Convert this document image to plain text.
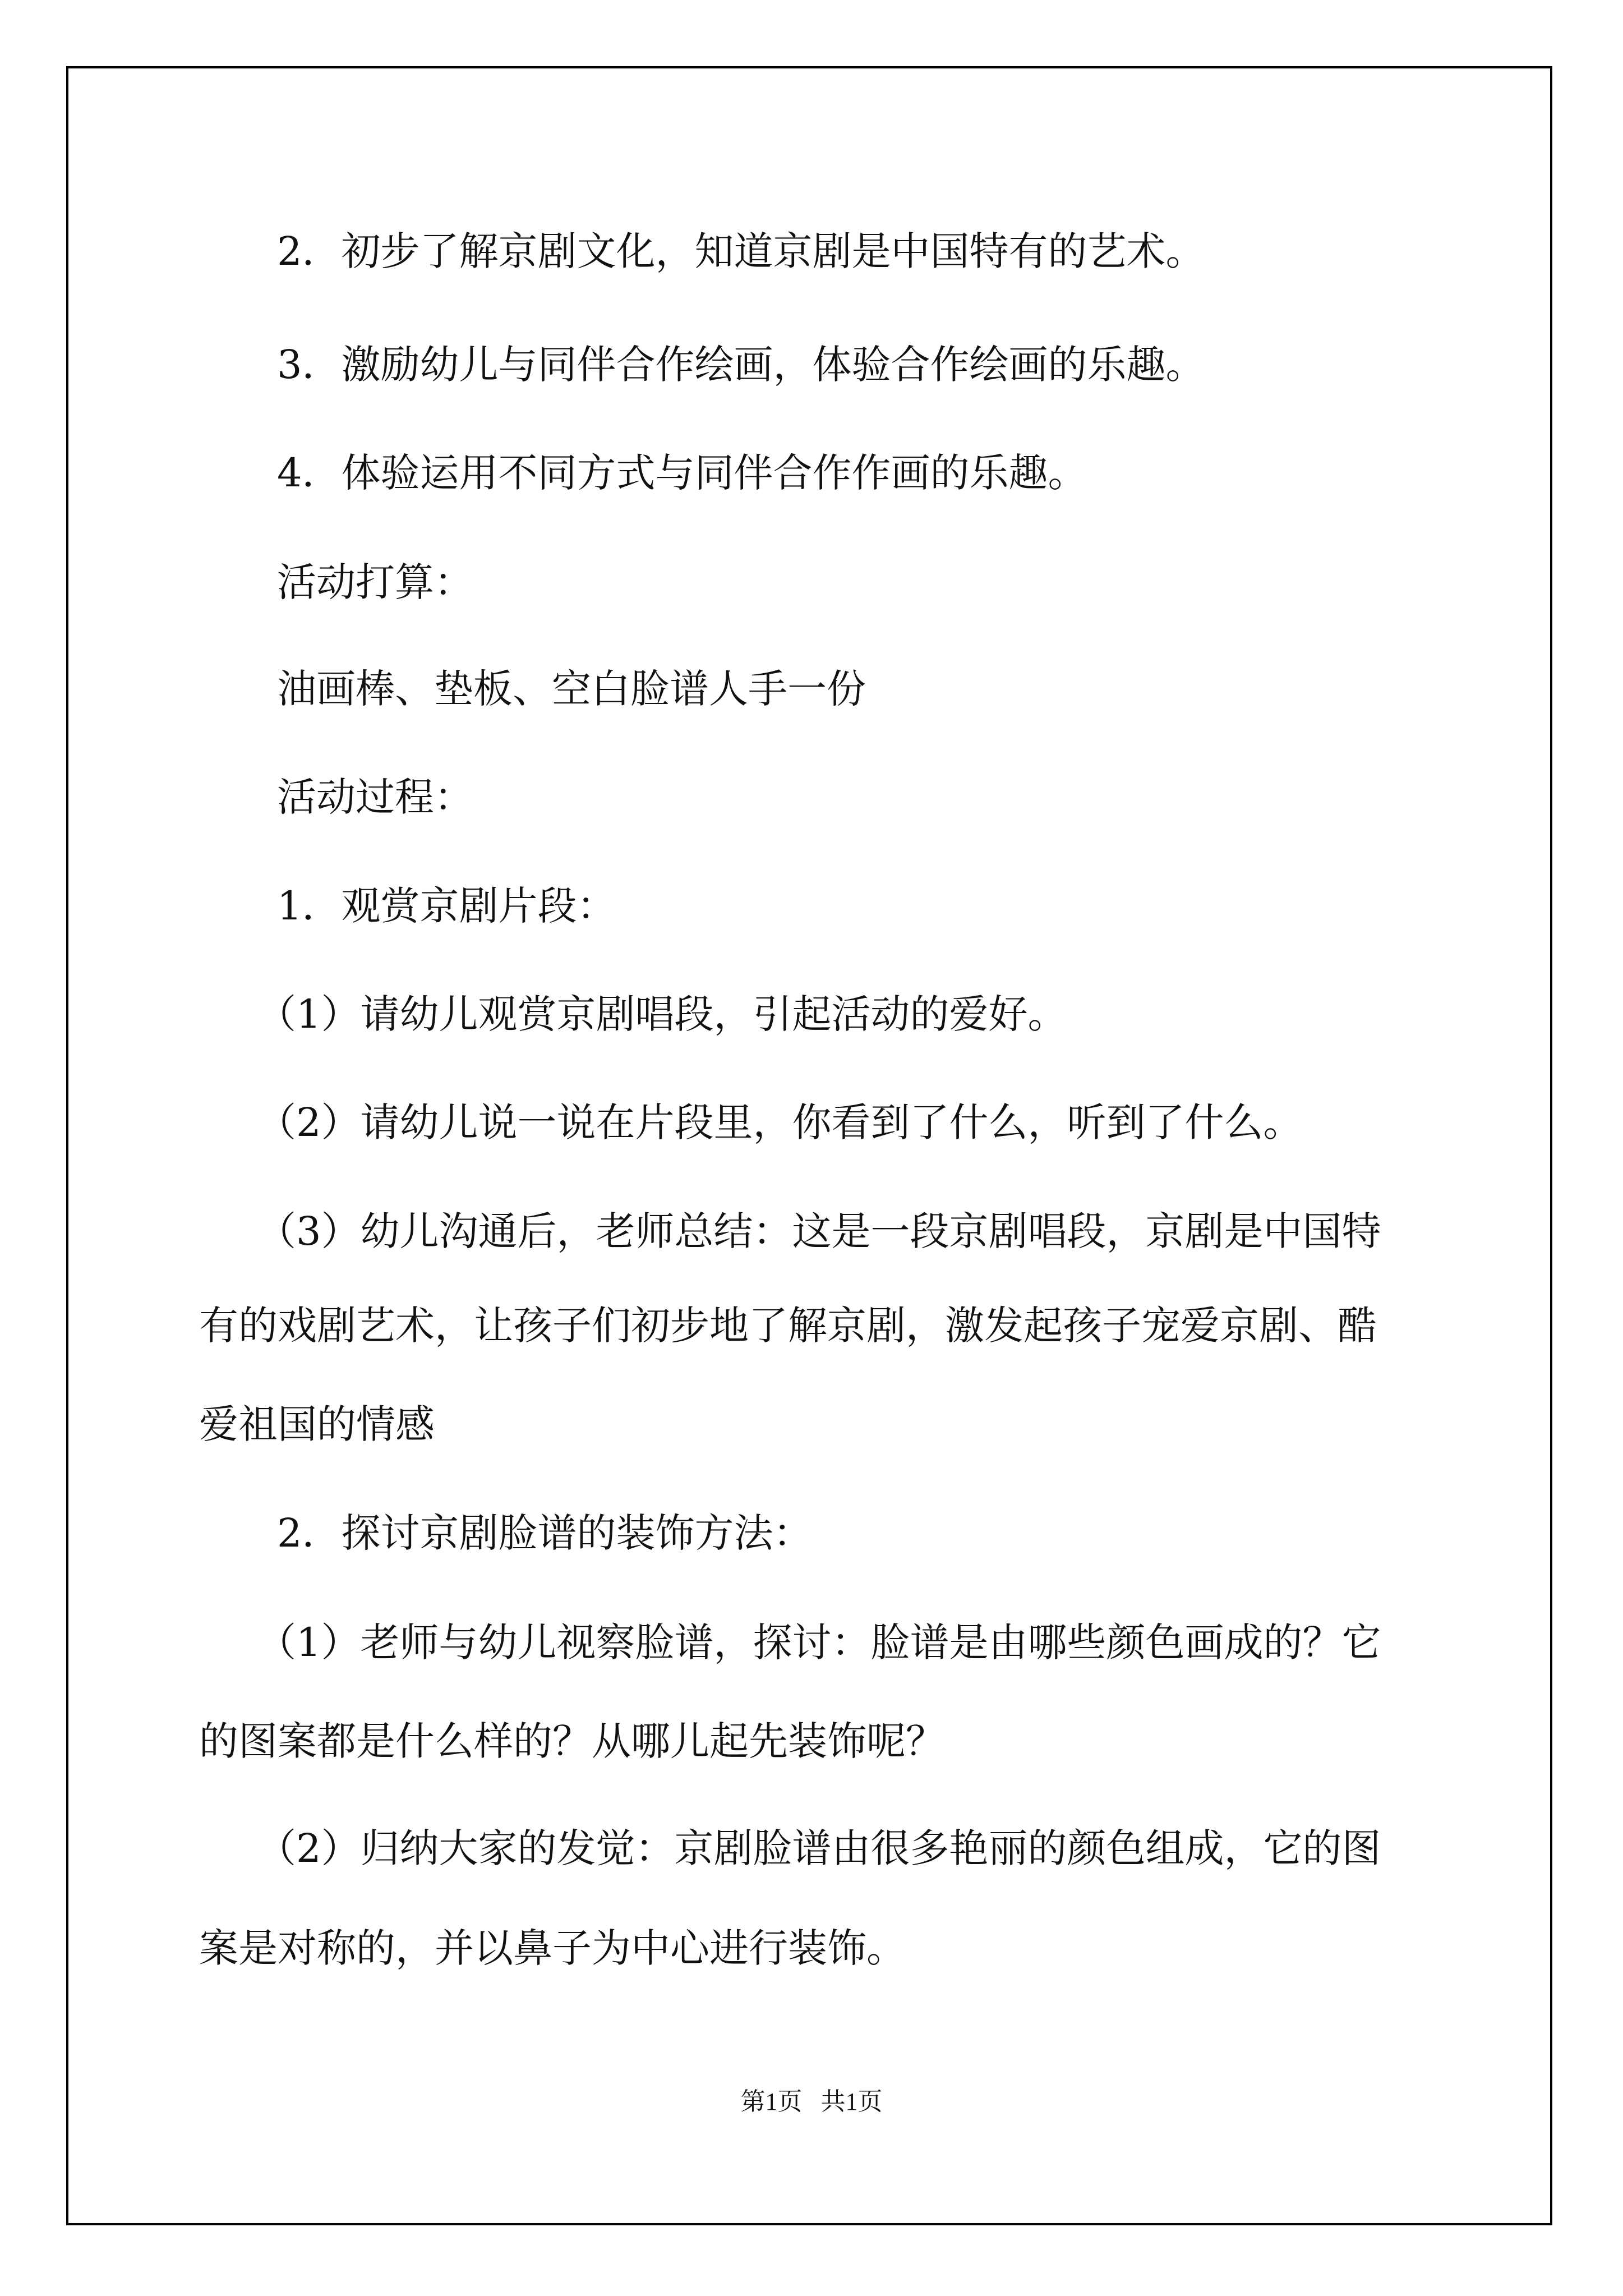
2．初步了解京剧文化，知道京剧是中国特有的艺术。
3．激励幼儿与同伴合作绘画，体验合作绘画的乐趣。
4．体验运用不同方式与同伴合作作画的乐趣。
活动打算：
油画棒、垫板、空白脸谱人手一份
活动过程：
1．观赏京剧片段：
（1）请幼儿观赏京剧唱段，引起活动的爱好。
（2）请幼儿说一说在片段里，你看到了什么，听到了什么。
（3）幼儿沟通后，老师总结：这是一段京剧唱段，京剧是中国特
有的戏剧艺术，让孩子们初步地了解京剧，激发起孩子宠爱京剧、酷
爱祖国的情感
2．探讨京剧脸谱的装饰方法：
（1）老师与幼儿视察脸谱，探讨：脸谱是由哪些颜色画成的？它
的图案都是什么样的？从哪儿起先装饰呢？
（2）归纳大家的发觉：京剧脸谱由很多艳丽的颜色组成，它的图
案是对称的，并以鼻子为中心进行装饰。
第1页   共1页
